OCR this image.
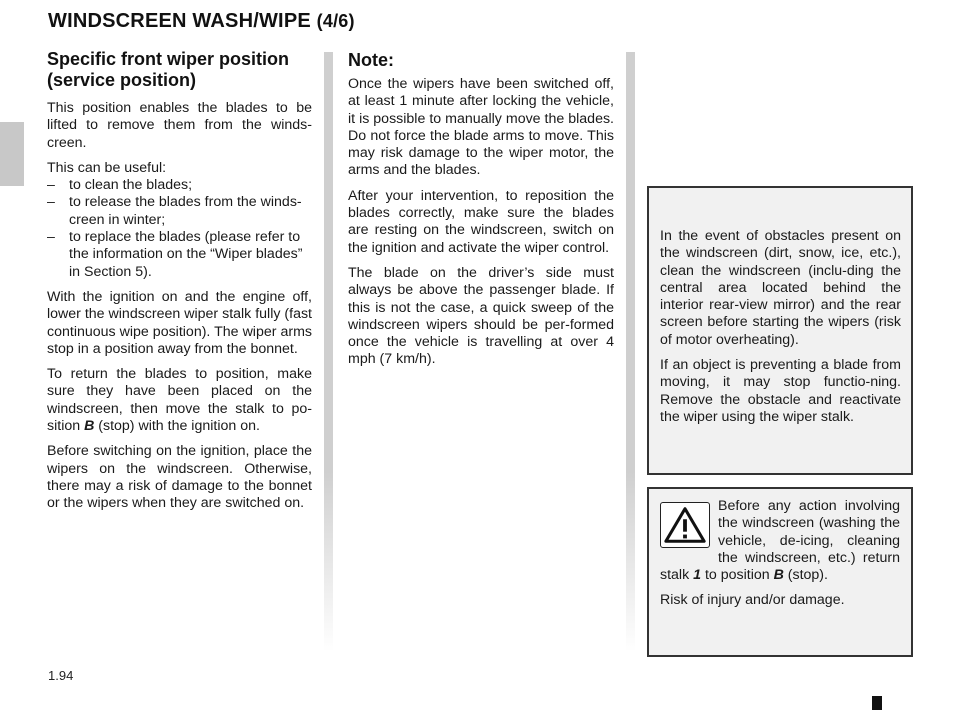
WINDSCREEN WASH/WIPE (4/6)
Specific front wiper position (service position)

This position enables the blades to be lifted to remove them from the winds-creen.

This can be useful:

– to clean the blades;
– to release the blades from the winds-creen in winter;
– to replace the blades (please refer to the information on the “Wiper blades” in Section 5).

With the ignition on and the engine off, lower the windscreen wiper stalk fully (fast continuous wipe position). The wiper arms stop in a position away from the bonnet.

To return the blades to position, make sure they have been placed on the windscreen, then move the stalk to po-sition B (stop) with the ignition on.

Before switching on the ignition, place the wipers on the windscreen. Otherwise, there may a risk of damage to the bonnet or the wipers when they are switched on.

Note:

Once the wipers have been switched off, at least 1 minute after locking the vehicle, it is possible to manually move the blades. Do not force the blade arms to move. This may risk damage to the wiper motor, the arms and the blades.

After your intervention, to reposition the blades correctly, make sure the blades are resting on the windscreen, switch on the ignition and activate the wiper control.

The blade on the driver’s side must always be above the passenger blade. If this is not the case, a quick sweep of the windscreen wipers should be per-formed once the vehicle is travelling at over 4 mph (7 km/h).

In the event of obstacles present on the windscreen (dirt, snow, ice, etc.), clean the windscreen (inclu-ding the central area located behind the interior rear-view mirror) and the rear screen before starting the wipers (risk of motor overheating).

If an object is preventing a blade from moving, it may stop functio-ning. Remove the obstacle and reactivate the wiper using the wiper stalk.

Before any action involving the windscreen (washing the vehicle, de-icing, cleaning the windscreen, etc.) return stalk 1 to position B (stop).

Risk of injury and/or damage.

1.94
